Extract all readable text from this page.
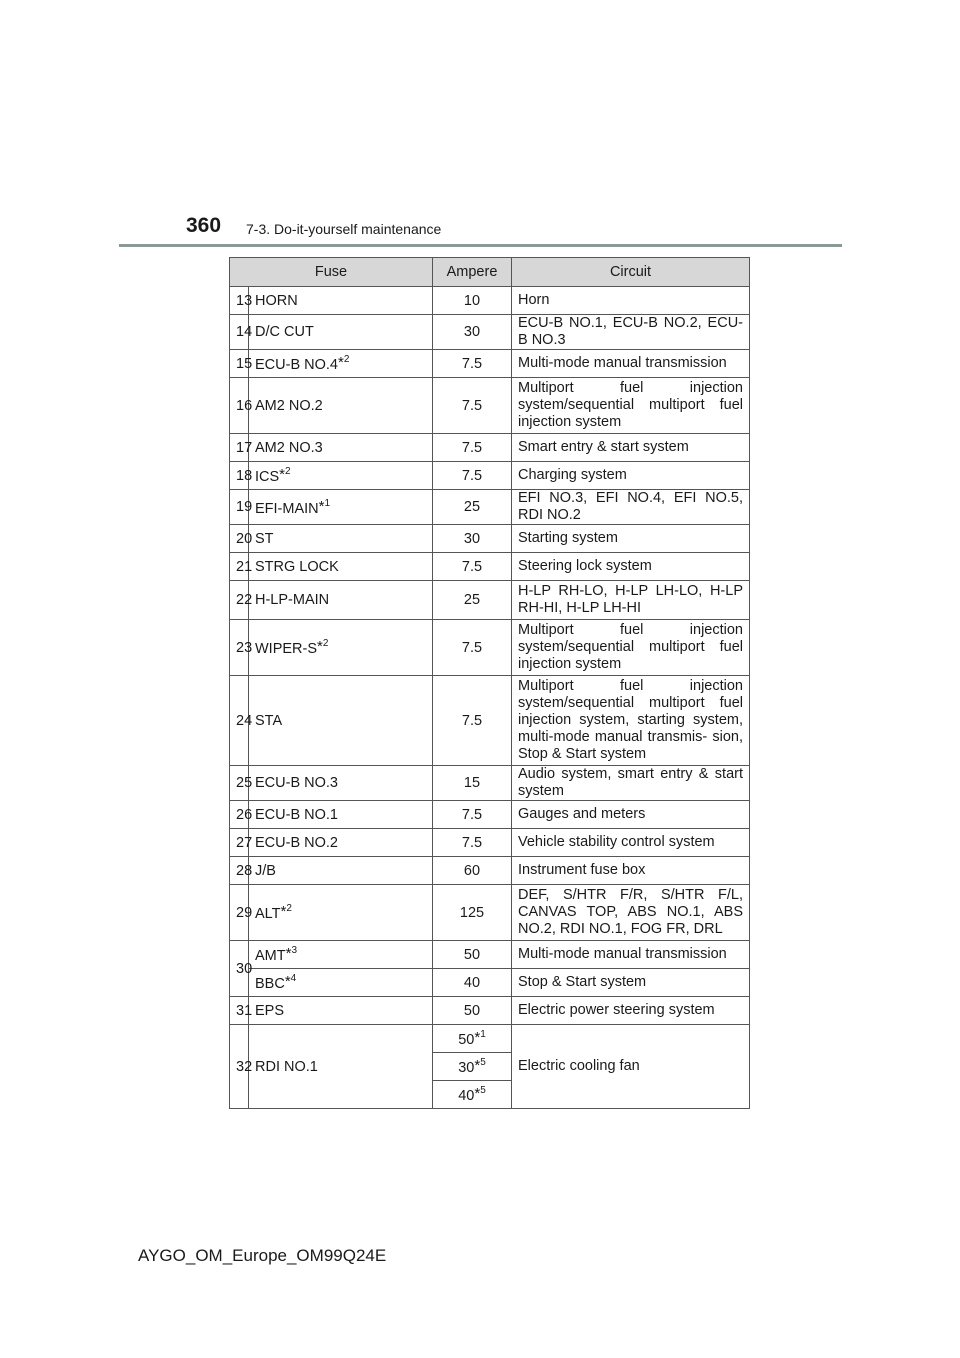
360 7-3. Do-it-yourself maintenance
Fuse		Ampere	Circuit
13	HORN	10	Horn
14	D/C CUT	30	ECU-B NO.1, ECU-B NO.2, ECU-B NO.3
15	ECU-B NO.4*$^2$	7.5	Multi-mode manual transmission
16	AM2 NO.2	7.5	Multiport fuel injection system/sequential multiport fuel injection system
17	AM2 NO.3	7.5	Smart entry & start system
18	ICS*$^2$	7.5	Charging system
19	EFI-MAIN*$^1$	25	EFI NO.3, EFI NO.4, EFI NO.5, RDI NO.2
20	ST	30	Starting system
21	STRG LOCK	7.5	Steering lock system
22	H-LP-MAIN	25	H-LP RH-LO, H-LP LH-LO, H-LP RH-HI, H-LP LH-HI
23	WIPER-S*$^2$	7.5	Multiport fuel injection system/sequential multiport fuel injection system
24	STA	7.5	Multiport fuel injection system/sequential multiport fuel injection system, starting system, multi-mode manual transmis- sion, Stop & Start system
25	ECU-B NO.3	15	Audio system, smart entry & start system
26	ECU-B NO.1	7.5	Gauges and meters
27	ECU-B NO.2	7.5	Vehicle stability control system
28	J/B	60	Instrument fuse box
29	ALT*$^2$	125	DEF, S/HTR F/R, S/HTR F/L, CANVAS TOP, ABS NO.1, ABS NO.2, RDI NO.1, FOG FR, DRL
30	AMT*$^3$	50	Multi-mode manual transmission
	BBC*$^4$	40	Stop & Start system
31	EPS	50	Electric power steering system
32	RDI NO.1	50*$^1$	Electric cooling fan
		30*$^5$
		40*$^5$
AYGO_OM_Europe_OM99Q24E
